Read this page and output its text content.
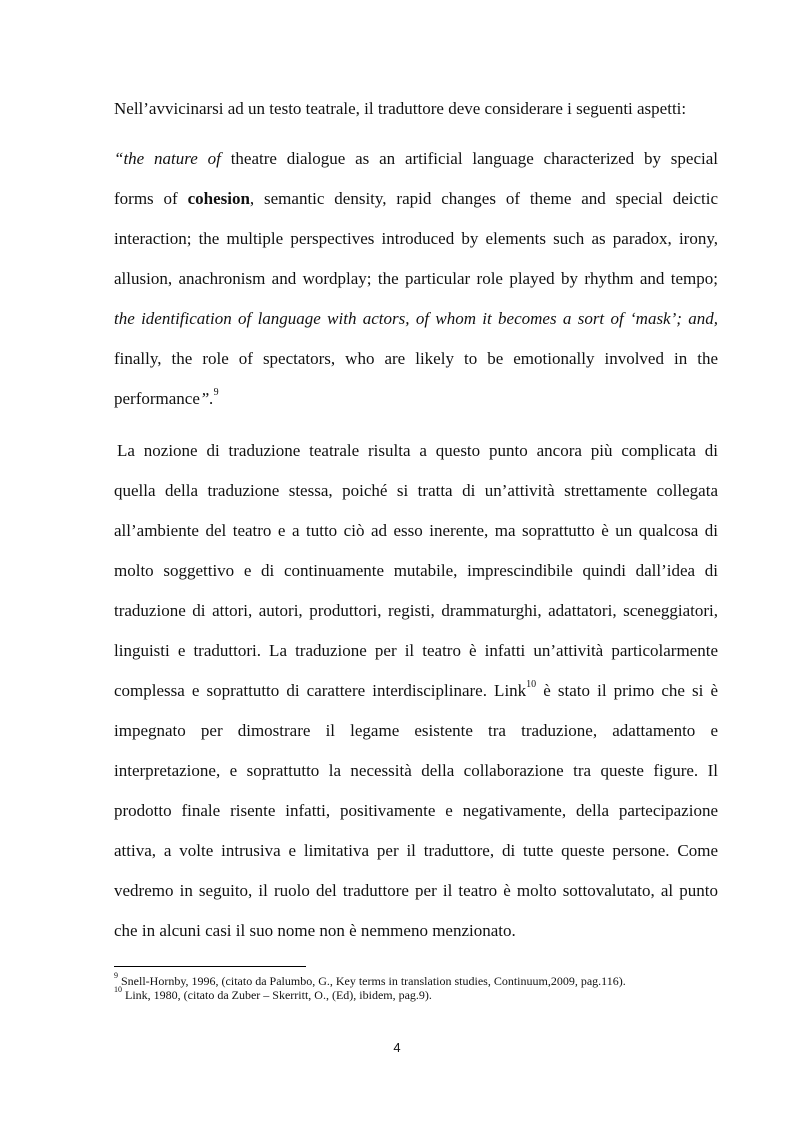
Nell’avvicinarsi ad un testo teatrale, il traduttore deve considerare i seguenti aspetti:
“the nature of theatre dialogue as an artificial language characterized by special
forms of cohesion, semantic density, rapid changes of theme and special deictic
interaction; the multiple perspectives introduced by elements such as paradox, irony,
allusion, anachronism and wordplay; the particular role played by rhythm and tempo;
the identification of language with actors, of whom it becomes a sort of ‘mask’; and,
finally, the role of spectators, who are likely to be emotionally involved in the
performance”.$^9$
La nozione di traduzione teatrale risulta a questo punto ancora più complicata di
quella della traduzione stessa, poiché si tratta di un’attività strettamente collegata
all’ambiente del teatro e a tutto ciò ad esso inerente, ma soprattutto è un qualcosa di
molto soggettivo e di continuamente mutabile, imprescindibile quindi dall’idea di
traduzione di attori, autori, produttori, registi, drammaturghi, adattatori, sceneggiatori,
linguisti e traduttori. La traduzione per il teatro è infatti un’attività particolarmente
complessa e soprattutto di carattere interdisciplinare. Link$^{10}$ è stato il primo che si è
impegnato per dimostrare il legame esistente tra traduzione, adattamento e
interpretazione, e soprattutto la necessità della collaborazione tra queste figure. Il
prodotto finale risente infatti, positivamente e negativamente, della partecipazione
attiva, a volte intrusiva e limitativa per il traduttore, di tutte queste persone. Come
vedremo in seguito, il ruolo del traduttore per il teatro è molto sottovalutato, al punto
che in alcuni casi il suo nome non è nemmeno menzionato.
$^9$ Snell-Hornby, 1996, (citato da Palumbo, G., Key terms in translation studies, Continuum,2009, pag.116).
$^{10}$ Link, 1980, (citato da Zuber – Skerritt, O., (Ed), ibidem, pag.9).
4
